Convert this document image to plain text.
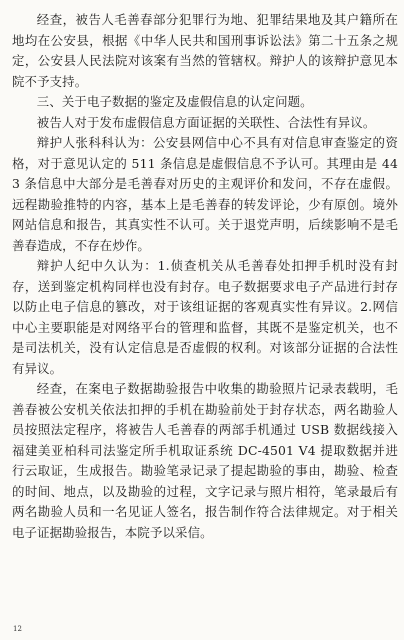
经查，被告人毛善春部分犯罪行为地、犯罪结果地及其户籍所在地均在公安县，根据《中华人民共和国刑事诉讼法》第二十五条之规定，公安县人民法院对该案有当然的管辖权。辩护人的该辩护意见本院不予支持。

三、关于电子数据的鉴定及虚假信息的认定问题。

被告人对于发布虚假信息方面证据的关联性、合法性有异议。

辩护人张科科认为：公安县网信中心不具有对信息审查鉴定的资格，对于意见认定的 511 条信息是虚假信息不予认可。其理由是 443 条信息中大部分是毛善春对历史的主观评价和发问，不存在虚假。远程勘验推特的内容，基本上是毛善春的转发评论，少有原创。境外网站信息和报告，其真实性不认可。关于退党声明，后续影响不是毛善春造成，不存在炒作。

辩护人纪中久认为：1.侦查机关从毛善春处扣押手机时没有封存，送到鉴定机构同样也没有封存。电子数据要求电子产品进行封存以防止电子信息的篡改，对于该组证据的客观真实性有异议。2.网信中心主要职能是对网络平台的管理和监督，其既不是鉴定机关，也不是司法机关，没有认定信息是否虚假的权利。对该部分证据的合法性有异议。

经查，在案电子数据勘验报告中收集的勘验照片记录表载明，毛善春被公安机关依法扣押的手机在勘验前处于封存状态，两名勘验人员按照法定程序，将被告人毛善春的两部手机通过 USB 数据线接入福建美亚柏科司法鉴定所手机取证系统 DC-4501 V4 提取数据并进行云取证，生成报告。勘验笔录记录了提起勘验的事由，勘验、检查的时间、地点，以及勘验的过程，文字记录与照片相符，笔录最后有两名勘验人员和一名见证人签名，报告制作符合法律规定。对于相关电子证据勘验报告，本院予以采信。

12
